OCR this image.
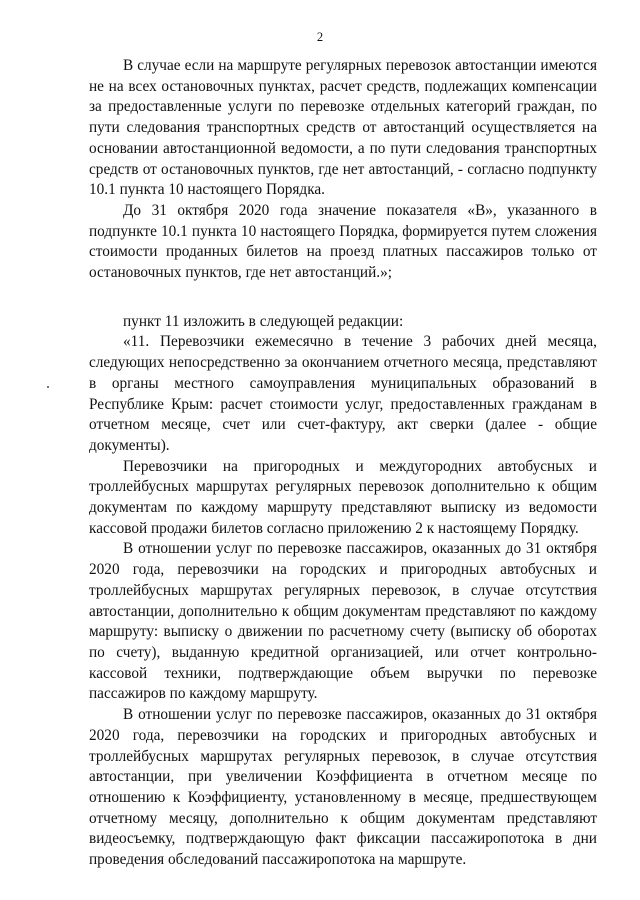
2

В случае если на маршруте регулярных перевозок автостанции имеются не на всех остановочных пунктах, расчет средств, подлежащих компенсации за предоставленные услуги по перевозке отдельных категорий граждан, по пути следования транспортных средств от автостанций осуществляется на основании автостанционной ведомости, а по пути следования транспортных средств от остановочных пунктов, где нет автостанций, - согласно подпункту 10.1 пункта 10 настоящего Порядка.

До 31 октября 2020 года значение показателя «В», указанного в подпункте 10.1 пункта 10 настоящего Порядка, формируется путем сложения стоимости проданных билетов на проезд платных пассажиров только от остановочных пунктов, где нет автостанций.»;

пункт 11 изложить в следующей редакции:

«11. Перевозчики ежемесячно в течение 3 рабочих дней месяца, следующих непосредственно за окончанием отчетного месяца, представляют в органы местного самоуправления муниципальных образований в Республике Крым: расчет стоимости услуг, предоставленных гражданам в отчетном месяце, счет или счет-фактуру, акт сверки (далее - общие документы).

Перевозчики на пригородных и междугородних автобусных и троллейбусных маршрутах регулярных перевозок дополнительно к общим документам по каждому маршруту представляют выписку из ведомости кассовой продажи билетов согласно приложению 2 к настоящему Порядку.

В отношении услуг по перевозке пассажиров, оказанных до 31 октября 2020 года, перевозчики на городских и пригородных автобусных и троллейбусных маршрутах регулярных перевозок, в случае отсутствия автостанции, дополнительно к общим документам представляют по каждому маршруту: выписку о движении по расчетному счету (выписку об оборотах по счету), выданную кредитной организацией, или отчет контрольно-кассовой техники, подтверждающие объем выручки по перевозке пассажиров по каждому маршруту.

В отношении услуг по перевозке пассажиров, оказанных до 31 октября 2020 года, перевозчики на городских и пригородных автобусных и троллейбусных маршрутах регулярных перевозок, в случае отсутствия автостанции, при увеличении Коэффициента в отчетном месяце по отношению к Коэффициенту, установленному в месяце, предшествующем отчетному месяцу, дополнительно к общим документам представляют видеосъемку, подтверждающую факт фиксации пассажиропотока в дни проведения обследований пассажиропотока на маршруте.
